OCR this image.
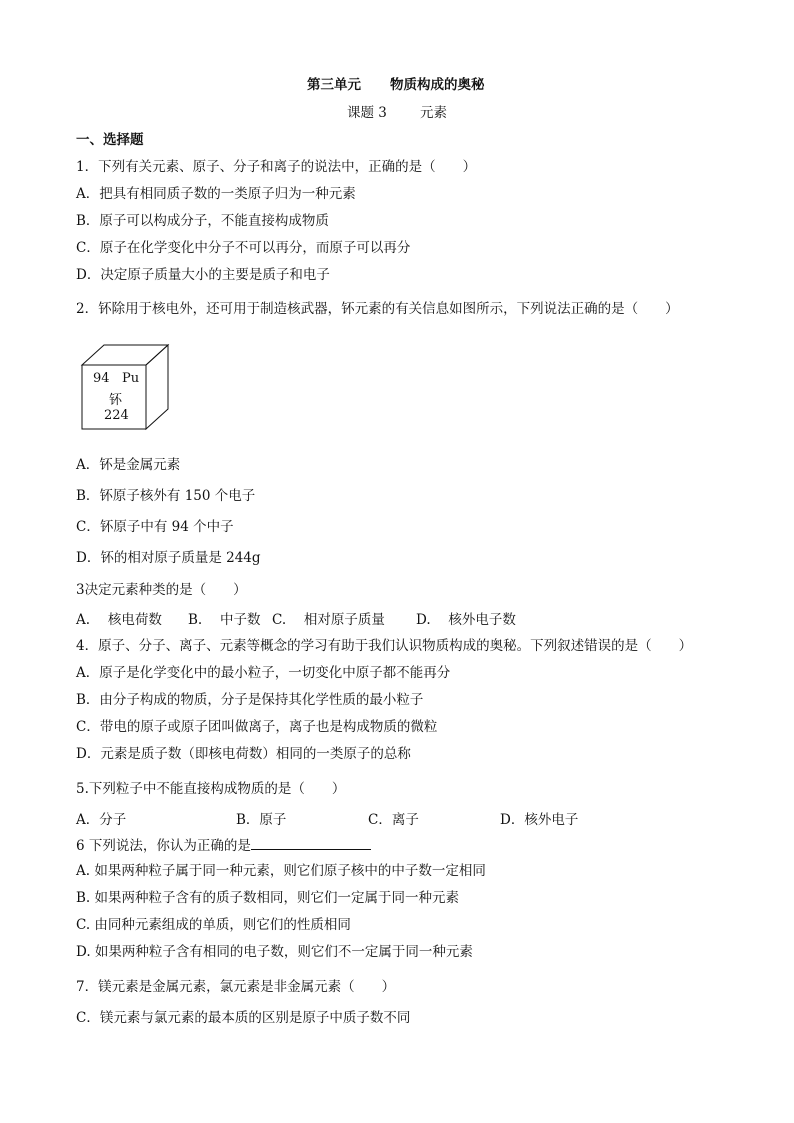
第三单元 物质构成的奥秘
课题 3 元素
一、选择题
1．下列有关元素、原子、分子和离子的说法中，正确的是（　　）
A．把具有相同质子数的一类原子归为一种元素
B．原子可以构成分子，不能直接构成物质
C．原子在化学变化中分子不可以再分，而原子可以再分
D．决定原子质量大小的主要是质子和电子
2．钚除用于核电外，还可用于制造核武器，钚元素的有关信息如图所示，下列说法正确的是（　　）
94 Pu
钚
224
A．钚是金属元素
B．钚原子核外有 150 个电子
C．钚原子中有 94 个中子
D．钚的相对原子质量是 244g
3决定元素种类的是（　　）
A.　 核电荷数 B.　 中子数 C.　 相对原子质量 D.　 核外电子数
4．原子、分子、离子、元素等概念的学习有助于我们认识物质构成的奥秘。下列叙述错误的是（　　）
A．原子是化学变化中的最小粒子，一切变化中原子都不能再分
B．由分子构成的物质，分子是保持其化学性质的最小粒子
C．带电的原子或原子团叫做离子，离子也是构成物质的微粒
D．元素是质子数（即核电荷数）相同的一类原子的总称
5.下列粒子中不能直接构成物质的是（　　）
A．分子	B．原子	C．离子	D．核外电子
6 下列说法，你认为正确的是
A. 如果两种粒子属于同一种元素，则它们原子核中的中子数一定相同
B. 如果两种粒子含有的质子数相同，则它们一定属于同一种元素
C. 由同种元素组成的单质，则它们的性质相同
D. 如果两种粒子含有相同的电子数，则它们不一定属于同一种元素
7．镁元素是金属元素，氯元素是非金属元素（　　）
C．镁元素与氯元素的最本质的区别是原子中质子数不同
